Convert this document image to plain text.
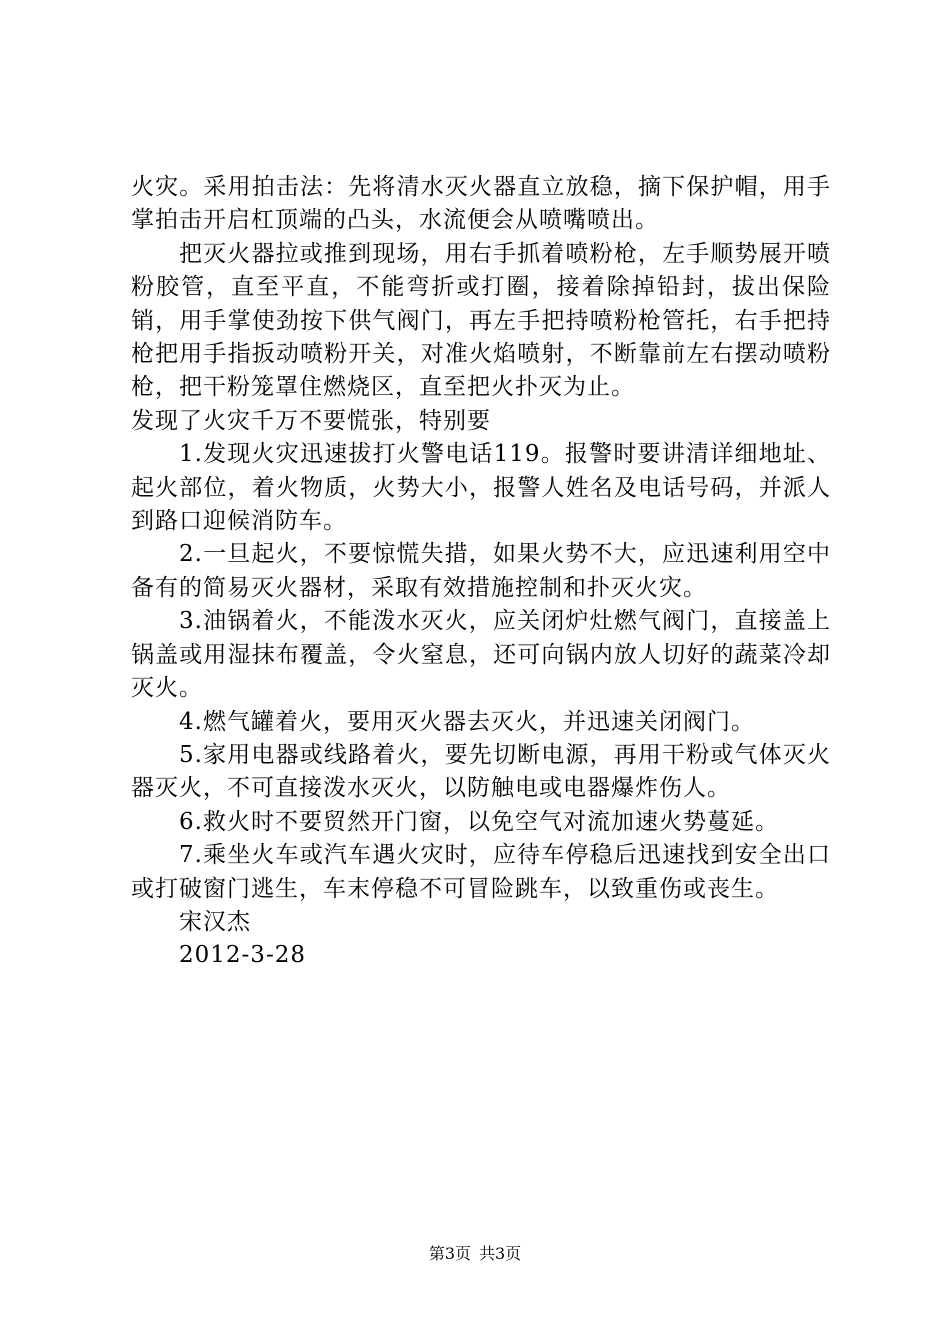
火灾。采用拍击法：先将清水灭火器直立放稳，摘下保护帽，用手掌拍击开启杠顶端的凸头，水流便会从喷嘴喷出。

把灭火器拉或推到现场，用右手抓着喷粉枪，左手顺势展开喷粉胶管，直至平直，不能弯折或打圈，接着除掉铅封，拔出保险销，用手掌使劲按下供气阀门，再左手把持喷粉枪管托，右手把持枪把用手指扳动喷粉开关，对准火焰喷射，不断靠前左右摆动喷粉枪，把干粉笼罩住燃烧区，直至把火扑灭为止。

发现了火灾千万不要慌张，特别要

1.发现火灾迅速拔打火警电话119。报警时要讲清详细地址、起火部位，着火物质，火势大小，报警人姓名及电话号码，并派人到路口迎候消防车。

2.一旦起火，不要惊慌失措，如果火势不大，应迅速利用空中备有的简易灭火器材，采取有效措施控制和扑灭火灾。

3.油锅着火，不能泼水灭火，应关闭炉灶燃气阀门，直接盖上锅盖或用湿抹布覆盖，令火窒息，还可向锅内放人切好的蔬菜冷却灭火。

4.燃气罐着火，要用灭火器去灭火，并迅速关闭阀门。

5.家用电器或线路着火，要先切断电源，再用干粉或气体灭火器灭火，不可直接泼水灭火，以防触电或电器爆炸伤人。

6.救火时不要贸然开门窗，以免空气对流加速火势蔓延。

7.乘坐火车或汽车遇火灾时，应待车停稳后迅速找到安全出口或打破窗门逃生，车末停稳不可冒险跳车，以致重伤或丧生。

宋汉杰

2012-3-28

第3页 共3页
